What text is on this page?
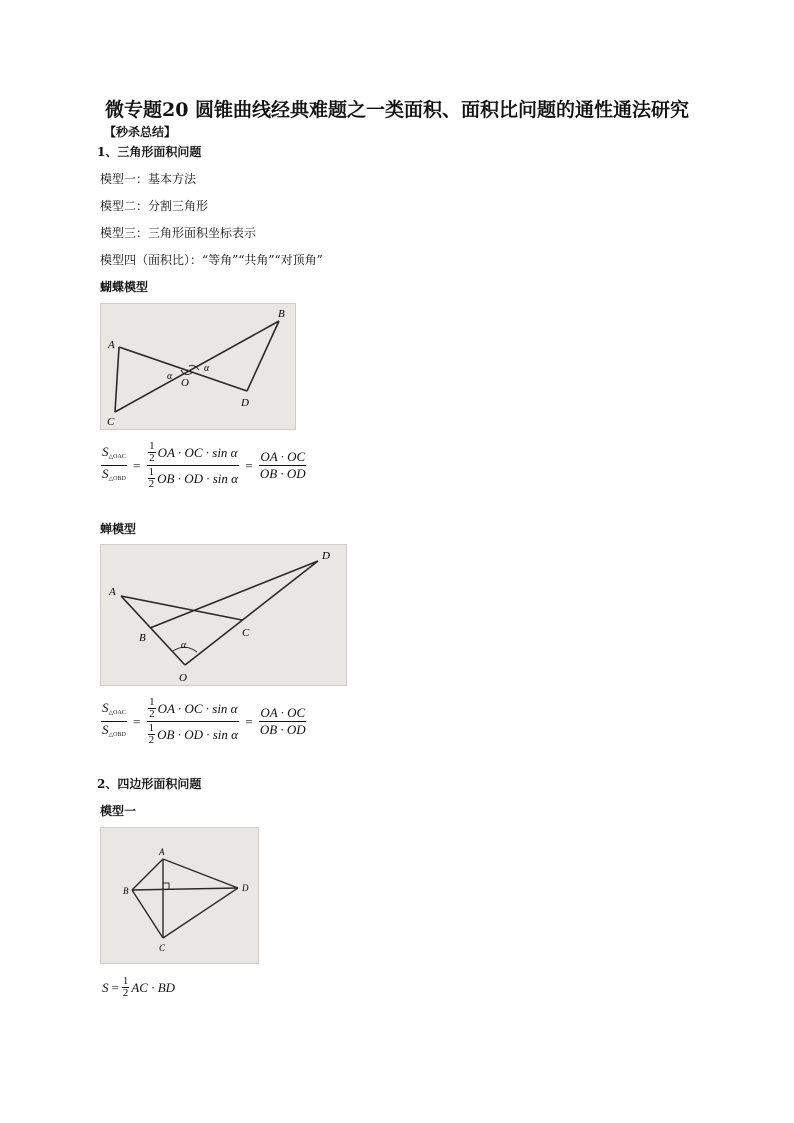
微专题20 圆锥曲线经典难题之一类面积、面积比问题的通性通法研究
【秒杀总结】
1、三角形面积问题
模型一：基本方法
模型二：分割三角形
模型三：三角形面积坐标表示
模型四（面积比）：“等角”“共角”“对顶角”
蝴蝶模型
A
B
C
D
O
α
α
$\frac{S_{\triangle OAC}}{S_{\triangle OBD}} = 1$
2 OA · OC · sin α
1
2 OB · OD · $\sin \alpha = \frac{OA \cdot OC}{OB \cdot OD}$
蝉模型
A
B	C
D
O
α
$\frac{S_{\triangle OAC}}{S_{\triangle OBD}} = 1$
2 OA · OC · sin α
1
2 OB · OD · $\sin \alpha = \frac{OA \cdot OC}{OB \cdot OD}$
2、四边形面积问题
模型一
A
B
C
D
$S = \frac{1}{2}$ AC · BD
